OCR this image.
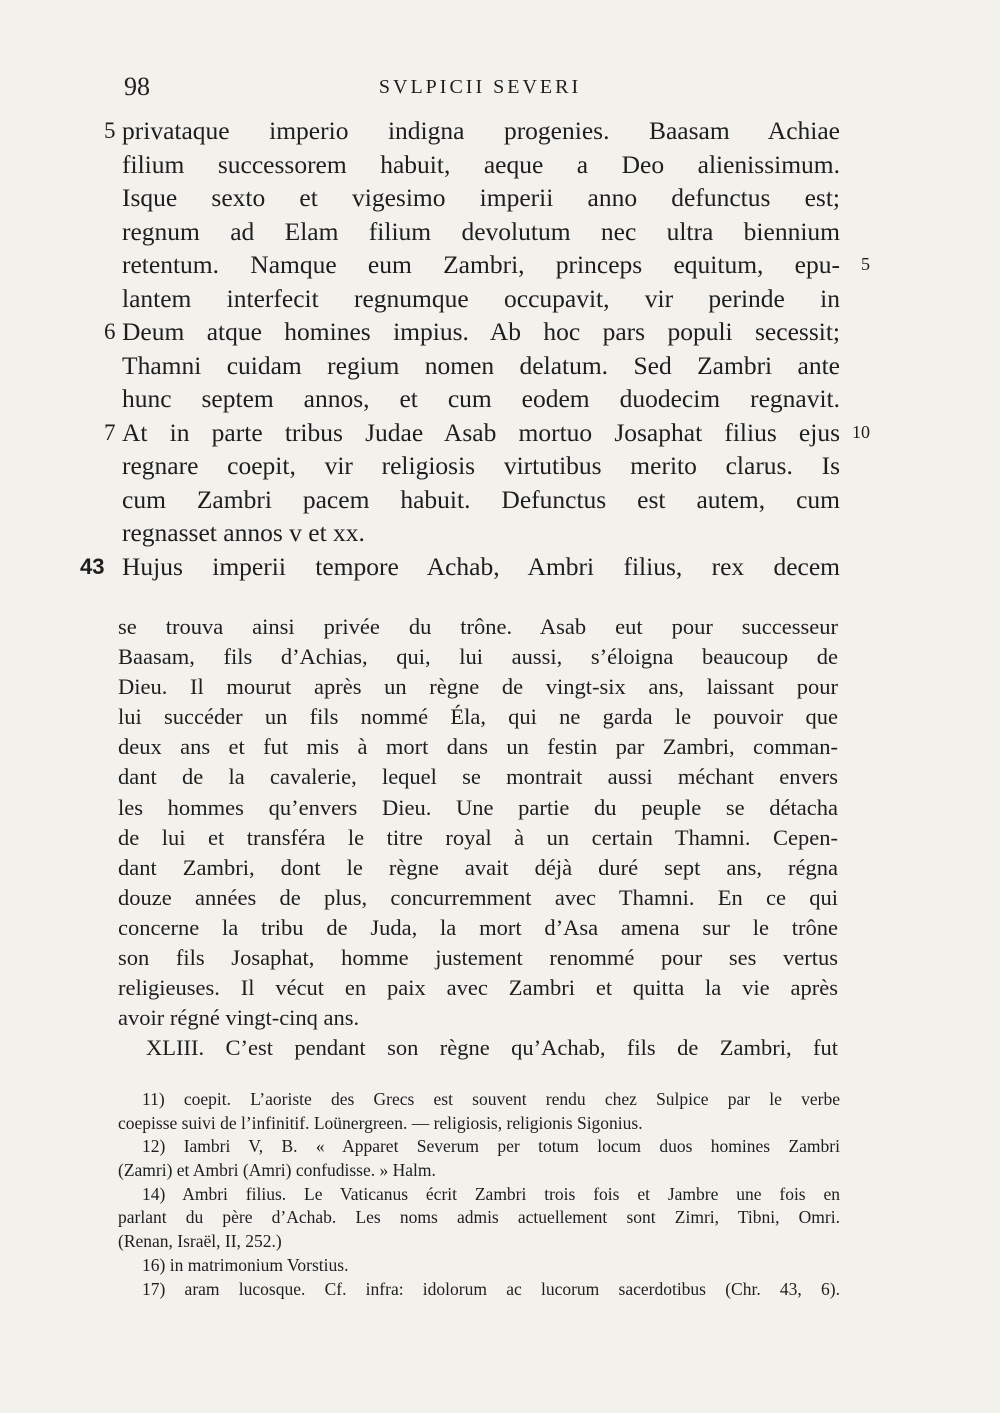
98	SVLPICII SEVERI
5 privataque imperio indigna progenies. Baasam Achiae
filium successorem habuit, aeque a Deo alienissimum.
Isque sexto et vigesimo imperii anno defunctus est;
regnum ad Elam filium devolutum nec ultra biennium
5
retentum. Namque eum Zambri, princeps equitum, epu-
lantem interfecit regnumque occupavit, vir perinde in
6 Deum atque homines impius. Ab hoc pars populi secessit;
Thamni cuidam regium nomen delatum. Sed Zambri ante
hunc septem annos, et cum eodem duodecim regnavit.
7	10
At in parte tribus Judae Asab mortuo Josaphat filius ejus
regnare coepit, vir religiosis virtutibus merito clarus. Is
cum Zambri pacem habuit. Defunctus est autem, cum
regnasset annos v et xx.
43 Hujus imperii tempore Achab, Ambri filius, rex decem
se trouva ainsi privée du trône. Asab eut pour successeur
Baasam, fils d’Achias, qui, lui aussi, s’éloigna beaucoup de
Dieu. Il mourut après un règne de vingt-six ans, laissant pour
lui succéder un fils nommé Éla, qui ne garda le pouvoir que
deux ans et fut mis à mort dans un festin par Zambri, comman-
dant de la cavalerie, lequel se montrait aussi méchant envers
les hommes qu’envers Dieu. Une partie du peuple se détacha
de lui et transféra le titre royal à un certain Thamni. Cepen-
dant Zambri, dont le règne avait déjà duré sept ans, régna
douze années de plus, concurremment avec Thamni. En ce qui
concerne la tribu de Juda, la mort d’Asa amena sur le trône
son fils Josaphat, homme justement renommé pour ses vertus
religieuses. Il vécut en paix avec Zambri et quitta la vie après
avoir régné vingt-cinq ans.
XLIII. C’est pendant son règne qu’Achab, fils de Zambri, fut
11) coepit. L’aoriste des Grecs est souvent rendu chez Sulpice par le verbe
coepisse suivi de l’infinitif. Loünergreen. — religiosis, religionis Sigonius.
12) Iambri V, B. « Apparet Severum per totum locum duos homines Zambri
(Zamri) et Ambri (Amri) confudisse. » Halm.
14) Ambri filius. Le Vaticanus écrit Zambri trois fois et Jambre une fois en
parlant du père d’Achab. Les noms admis actuellement sont Zimri, Tibni, Omri.
(Renan, Israël, II, 252.)
16) in matrimonium Vorstius.
17) aram lucosque. Cf. infra: idolorum ac lucorum sacerdotibus (Chr. 43, 6).
